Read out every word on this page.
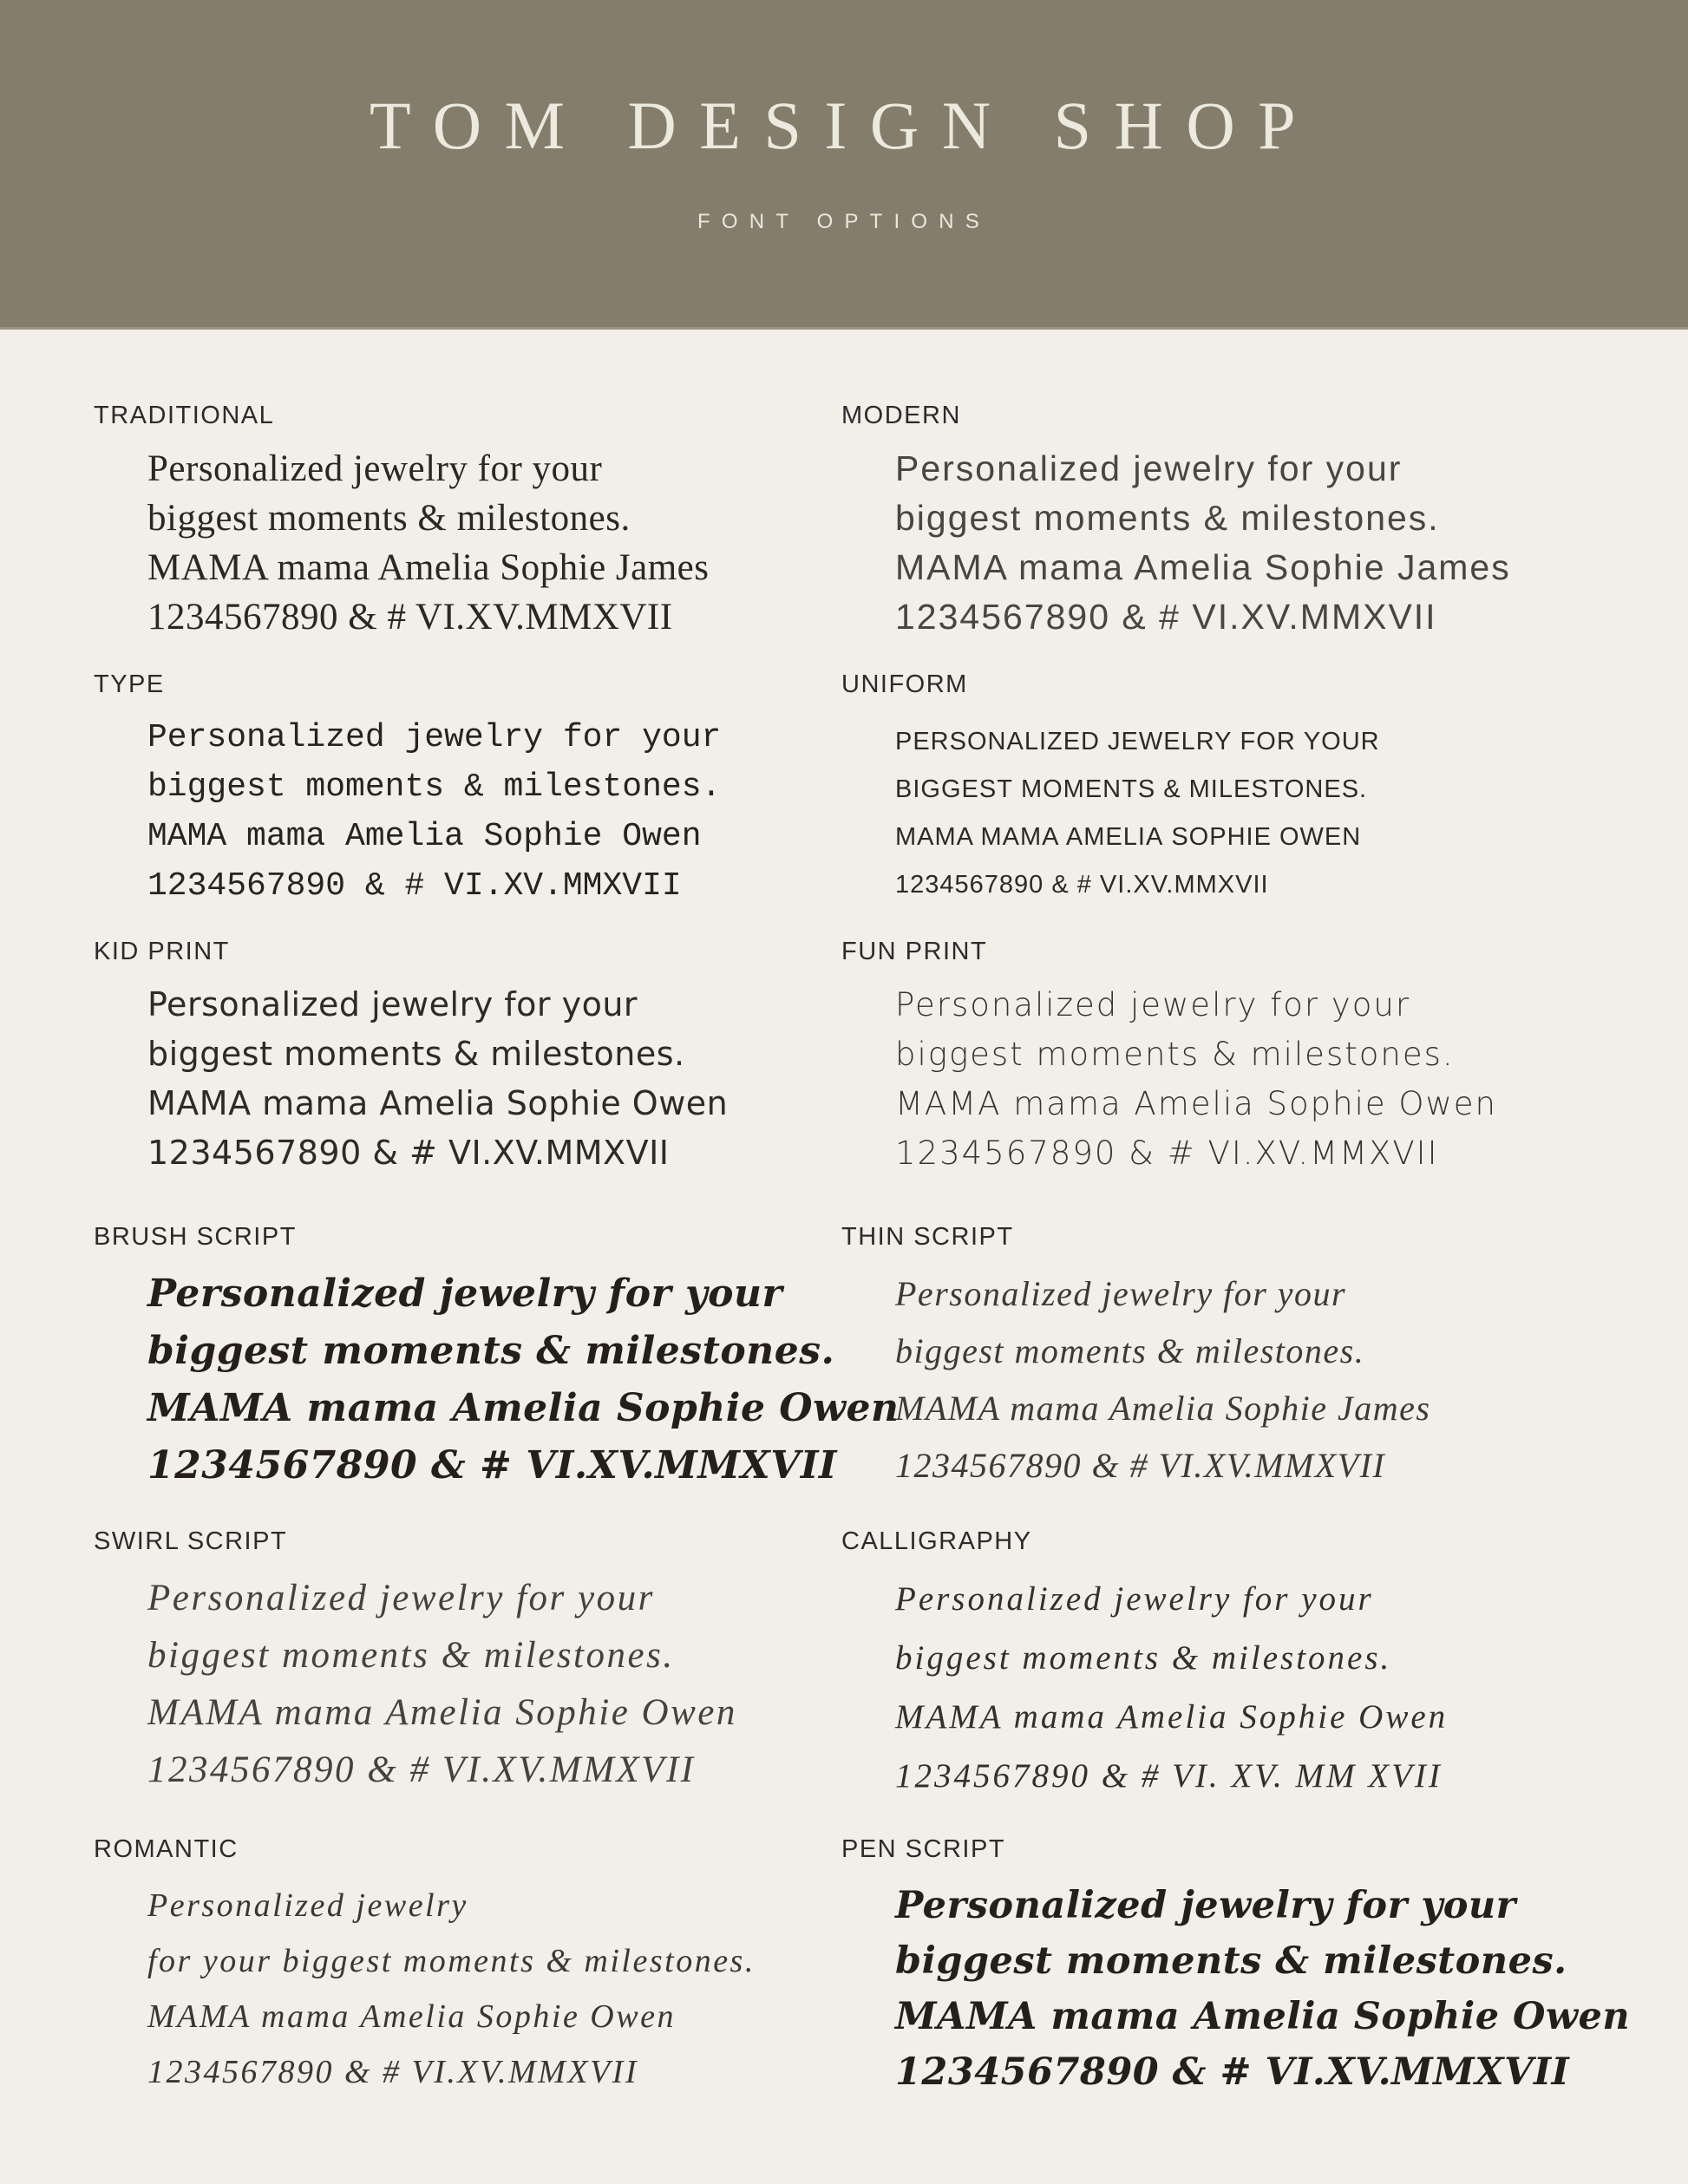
TOM DESIGN SHOP
FONT OPTIONS
TRADITIONAL
Personalized jewelry for your
biggest moments & milestones.
MAMA mama Amelia Sophie James
1234567890 & # VI.XV.MMXVII
MODERN
Personalized jewelry for your
biggest moments & milestones.
MAMA mama Amelia Sophie James
1234567890 & # VI.XV.MMXVII
TYPE
Personalized jewelry for your
biggest moments & milestones.
MAMA mama Amelia Sophie Owen
1234567890 & # VI.XV.MMXVII
UNIFORM
Personalized jewelry for your
biggest moments & milestones.
MAMA mama Amelia Sophie Owen
1234567890 & # VI.XV.MMXVII
KID PRINT
Personalized jewelry for your
biggest moments & milestones.
MAMA mama Amelia Sophie Owen
1234567890 & # VI.XV.MMXVII
FUN PRINT
Personalized jewelry for your
biggest moments & milestones.
MAMA mama Amelia Sophie Owen
1234567890 & # VI.XV.MMXVII
BRUSH SCRIPT
Personalized jewelry for your
biggest moments & milestones.
MAMA mama Amelia Sophie Owen
1234567890 & # VI.XV.MMXVII
THIN SCRIPT
Personalized jewelry for your
biggest moments & milestones.
MAMA mama Amelia Sophie James
1234567890 & # VI.XV.MMXVII
SWIRL SCRIPT
Personalized jewelry for your
biggest moments & milestones.
MAMA mama Amelia Sophie Owen
1234567890 & # VI.XV.MMXVII
CALLIGRAPHY
Personalized jewelry for your
biggest moments & milestones.
MAMA mama Amelia Sophie Owen
1234567890 & # VI. XV. MM XVII
ROMANTIC
Personalized jewelry
for your biggest moments & milestones.
MAMA mama Amelia Sophie Owen
1234567890 & # VI.XV.MMXVII
PEN SCRIPT
Personalized jewelry for your
biggest moments & milestones.
MAMA mama Amelia Sophie Owen
1234567890 & # VI.XV.MMXVII
